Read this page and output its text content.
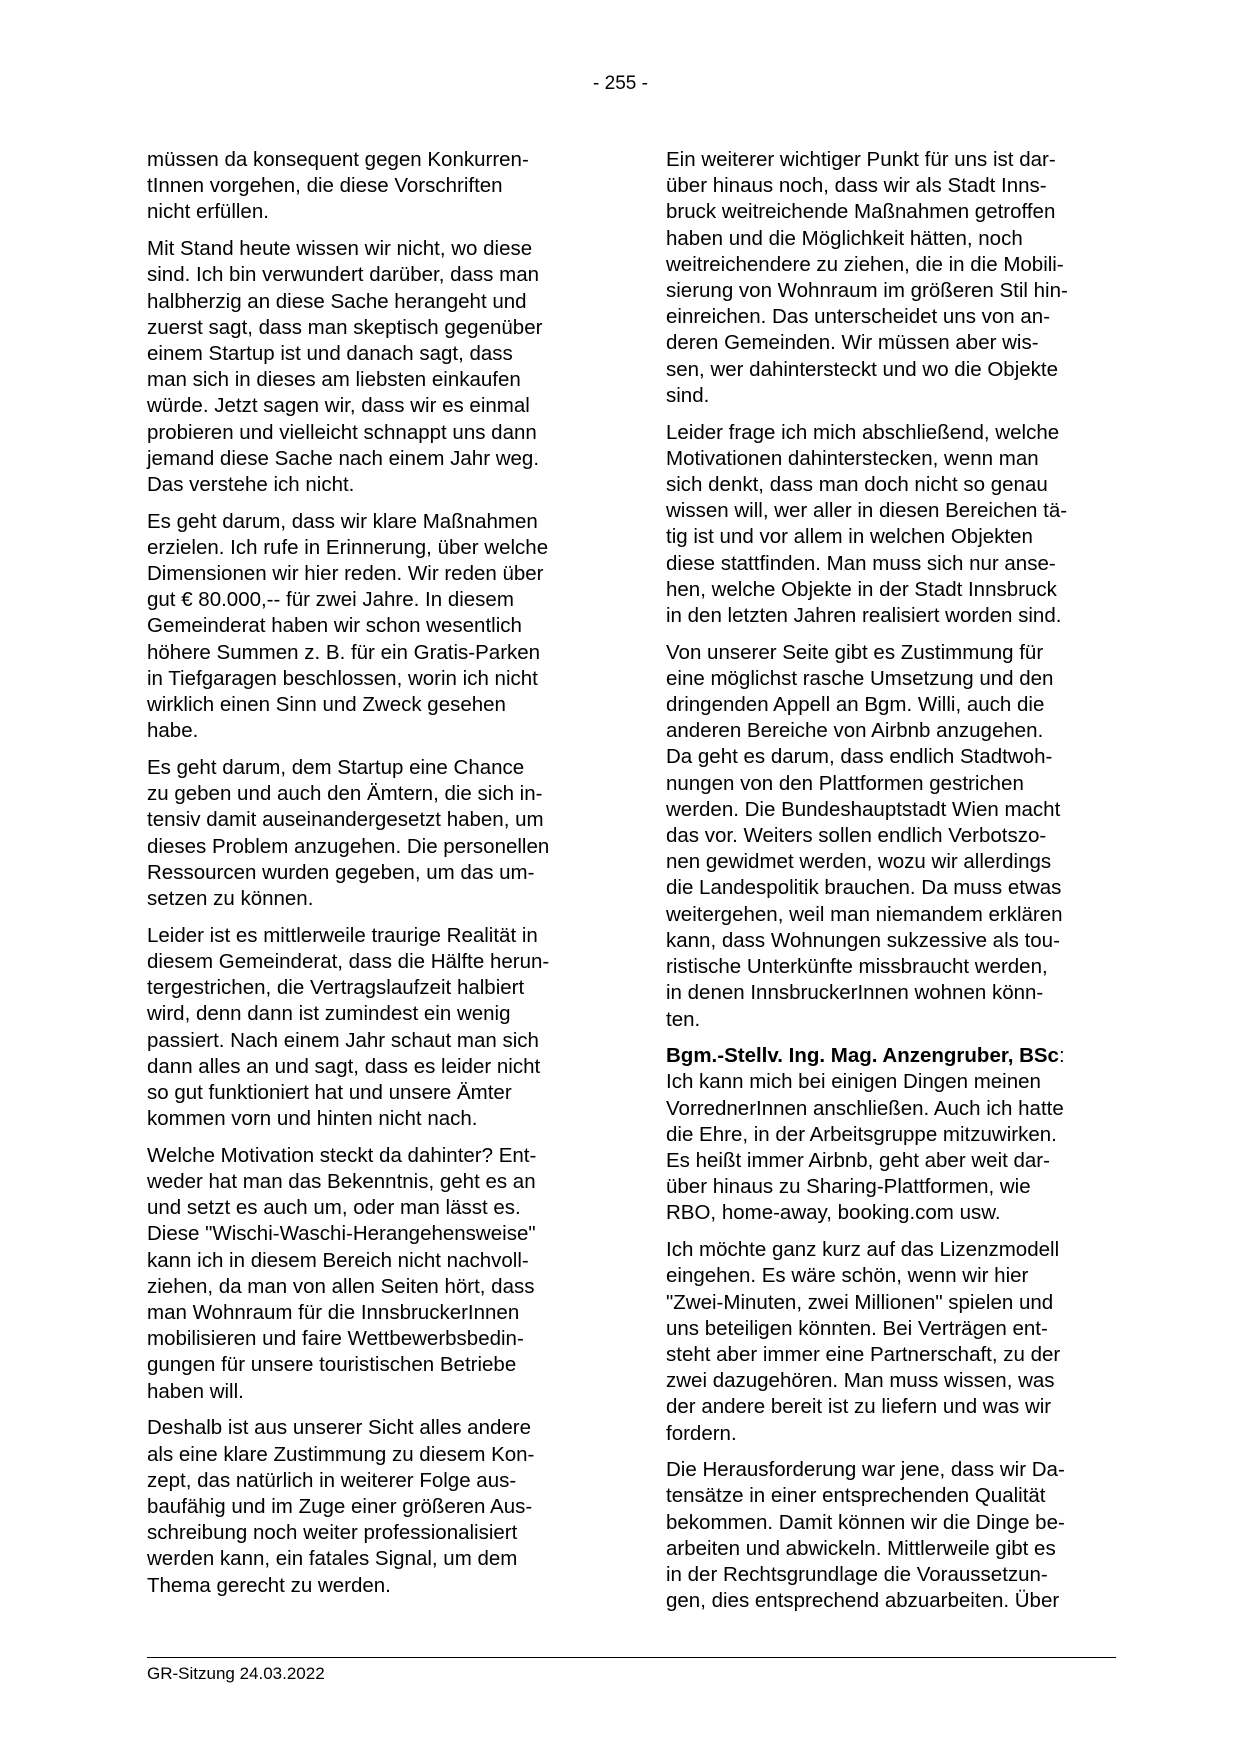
- 255 -

müssen da konsequent gegen Konkurren-
tInnen vorgehen, die diese Vorschriften
nicht erfüllen.

Mit Stand heute wissen wir nicht, wo diese
sind. Ich bin verwundert darüber, dass man
halbherzig an diese Sache herangeht und
zuerst sagt, dass man skeptisch gegenüber
einem Startup ist und danach sagt, dass
man sich in dieses am liebsten einkaufen
würde. Jetzt sagen wir, dass wir es einmal
probieren und vielleicht schnappt uns dann
jemand diese Sache nach einem Jahr weg.
Das verstehe ich nicht.

Es geht darum, dass wir klare Maßnahmen
erzielen. Ich rufe in Erinnerung, über welche
Dimensionen wir hier reden. Wir reden über
gut € 80.000,-- für zwei Jahre. In diesem
Gemeinderat haben wir schon wesentlich
höhere Summen z. B. für ein Gratis-Parken
in Tiefgaragen beschlossen, worin ich nicht
wirklich einen Sinn und Zweck gesehen
habe.

Es geht darum, dem Startup eine Chance
zu geben und auch den Ämtern, die sich in-
tensiv damit auseinandergesetzt haben, um
dieses Problem anzugehen. Die personellen
Ressourcen wurden gegeben, um das um-
setzen zu können.

Leider ist es mittlerweile traurige Realität in
diesem Gemeinderat, dass die Hälfte herun-
tergestrichen, die Vertragslaufzeit halbiert
wird, denn dann ist zumindest ein wenig
passiert. Nach einem Jahr schaut man sich
dann alles an und sagt, dass es leider nicht
so gut funktioniert hat und unsere Ämter
kommen vorn und hinten nicht nach.

Welche Motivation steckt da dahinter? Ent-
weder hat man das Bekenntnis, geht es an
und setzt es auch um, oder man lässt es.
Diese "Wischi-Waschi-Herangehensweise"
kann ich in diesem Bereich nicht nachvoll-
ziehen, da man von allen Seiten hört, dass
man Wohnraum für die InnsbruckerInnen
mobilisieren und faire Wettbewerbsbedin-
gungen für unsere touristischen Betriebe
haben will.

Deshalb ist aus unserer Sicht alles andere
als eine klare Zustimmung zu diesem Kon-
zept, das natürlich in weiterer Folge aus-
baufähig und im Zuge einer größeren Aus-
schreibung noch weiter professionalisiert
werden kann, ein fatales Signal, um dem
Thema gerecht zu werden.

Ein weiterer wichtiger Punkt für uns ist dar-
über hinaus noch, dass wir als Stadt Inns-
bruck weitreichende Maßnahmen getroffen
haben und die Möglichkeit hätten, noch
weitreichendere zu ziehen, die in die Mobili-
sierung von Wohnraum im größeren Stil hin-
einreichen. Das unterscheidet uns von an-
deren Gemeinden. Wir müssen aber wis-
sen, wer dahintersteckt und wo die Objekte
sind.

Leider frage ich mich abschließend, welche
Motivationen dahinterstecken, wenn man
sich denkt, dass man doch nicht so genau
wissen will, wer aller in diesen Bereichen tä-
tig ist und vor allem in welchen Objekten
diese stattfinden. Man muss sich nur anse-
hen, welche Objekte in der Stadt Innsbruck
in den letzten Jahren realisiert worden sind.

Von unserer Seite gibt es Zustimmung für
eine möglichst rasche Umsetzung und den
dringenden Appell an Bgm. Willi, auch die
anderen Bereiche von Airbnb anzugehen.
Da geht es darum, dass endlich Stadtwoh-
nungen von den Plattformen gestrichen
werden. Die Bundeshauptstadt Wien macht
das vor. Weiters sollen endlich Verbotszo-
nen gewidmet werden, wozu wir allerdings
die Landespolitik brauchen. Da muss etwas
weitergehen, weil man niemandem erklären
kann, dass Wohnungen sukzessive als tou-
ristische Unterkünfte missbraucht werden,
in denen InnsbruckerInnen wohnen könn-
ten.

Bgm.-Stellv. Ing. Mag. Anzengruber, BSc:
Ich kann mich bei einigen Dingen meinen
VorrednerInnen anschließen. Auch ich hatte
die Ehre, in der Arbeitsgruppe mitzuwirken.
Es heißt immer Airbnb, geht aber weit dar-
über hinaus zu Sharing-Plattformen, wie
RBO, home-away, booking.com usw.

Ich möchte ganz kurz auf das Lizenzmodell
eingehen. Es wäre schön, wenn wir hier
"Zwei-Minuten, zwei Millionen" spielen und
uns beteiligen könnten. Bei Verträgen ent-
steht aber immer eine Partnerschaft, zu der
zwei dazugehören. Man muss wissen, was
der andere bereit ist zu liefern und was wir
fordern.

Die Herausforderung war jene, dass wir Da-
tensätze in einer entsprechenden Qualität
bekommen. Damit können wir die Dinge be-
arbeiten und abwickeln. Mittlerweile gibt es
in der Rechtsgrundlage die Voraussetzun-
gen, dies entsprechend abzuarbeiten. Über

GR-Sitzung 24.03.2022
